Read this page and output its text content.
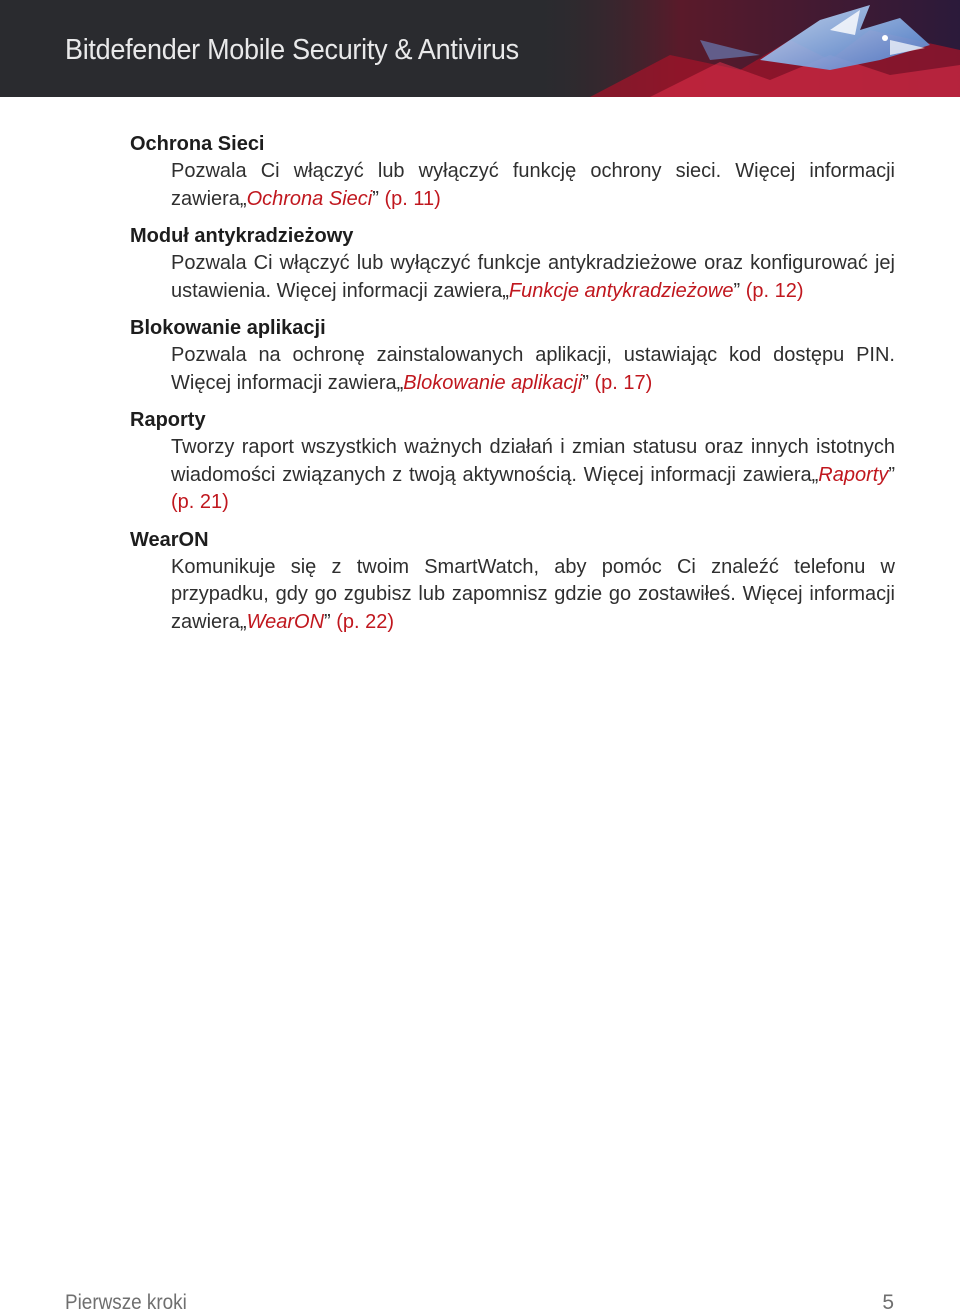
Bitdefender Mobile Security & Antivirus
Ochrona Sieci
Pozwala Ci włączyć lub wyłączyć funkcję ochrony sieci. Więcej informacji zawiera„Ochrona Sieci” (p. 11)
Moduł antykradzieżowy
Pozwala Ci włączyć lub wyłączyć funkcje antykradzieżowe oraz konfigurować jej ustawienia. Więcej informacji zawiera„Funkcje antykradzieżowe” (p. 12)
Blokowanie aplikacji
Pozwala na ochronę zainstalowanych aplikacji, ustawiając kod dostępu PIN. Więcej informacji zawiera„Blokowanie aplikacji” (p. 17)
Raporty
Tworzy raport wszystkich ważnych działań i zmian statusu oraz innych istotnych wiadomości związanych z twoją aktywnością. Więcej informacji zawiera„Raporty” (p. 21)
WearON
Komunikuje się z twoim SmartWatch, aby pomóc Ci znaleźć telefonu w przypadku, gdy go zgubisz lub zapomnisz gdzie go zostawiłeś. Więcej informacji zawiera„WearON” (p. 22)
Pierwsze kroki	5
